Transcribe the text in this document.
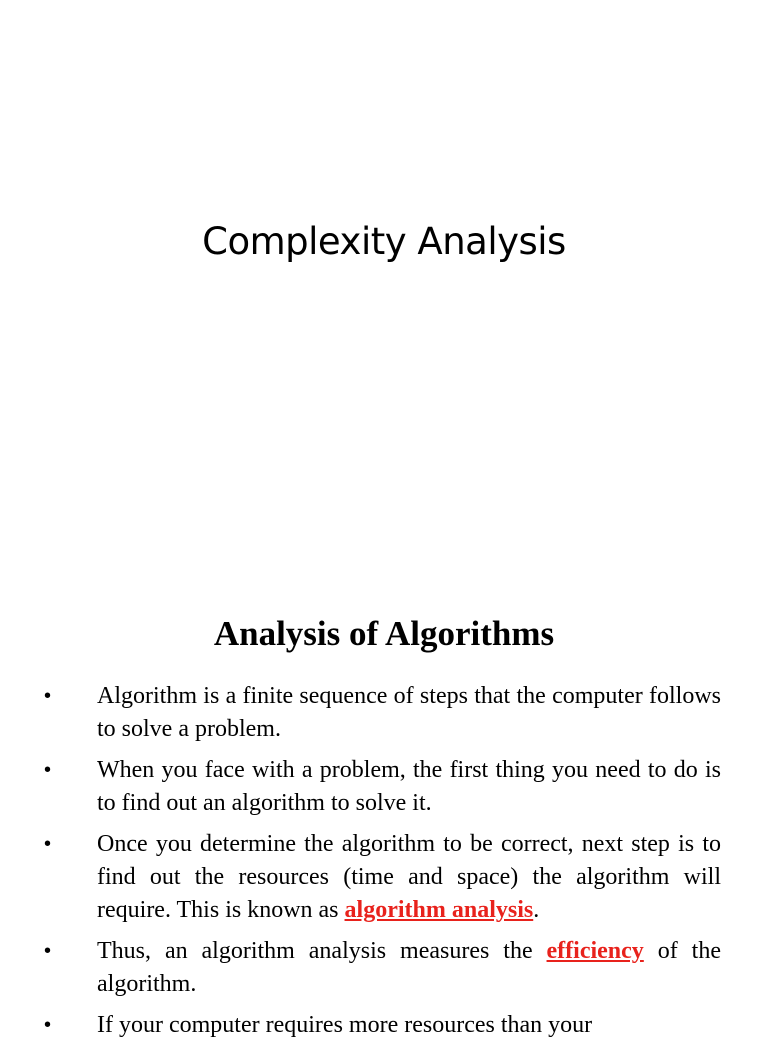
Complexity Analysis
Analysis of Algorithms
• Algorithm is a finite sequence of steps that the computer follows to solve a problem.
• When you face with a problem, the first thing you need to do is to find out an algorithm to solve it.
• Once you determine the algorithm to be correct, next step is to find out the resources (time and space) the algorithm will require. This is known as algorithm analysis.
• Thus, an algorithm analysis measures the efficiency of the algorithm.
• If your computer requires more resources than your
